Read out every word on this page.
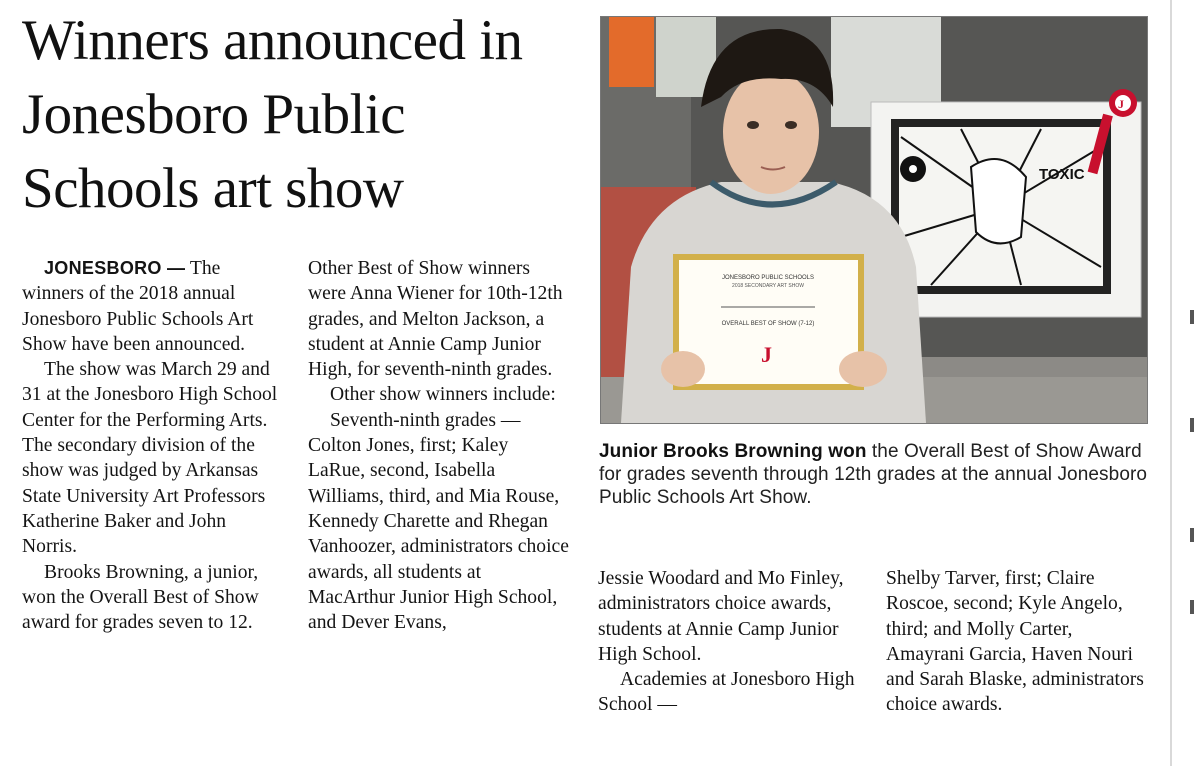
Winners announced in Jonesboro Public Schools art show

JONESBORO — The winners of the 2018 annual Jonesboro Public Schools Art Show have been announced.

The show was March 29 and 31 at the Jonesboro High School Center for the Performing Arts. The secondary division of the show was judged by Arkansas State University Art Professors Katherine Baker and John Norris.

Brooks Browning, a junior, won the Overall Best of Show award for grades seven to 12.

Other Best of Show winners were Anna Wiener for 10th-12th grades, and Melton Jackson, a student at Annie Camp Junior High, for seventh-ninth grades.

Other show winners include:

Seventh-ninth grades — Colton Jones, first; Kaley LaRue, second, Isabella Williams, third, and Mia Rouse, Kennedy Charette and Rhegan Vanhoozer, administrators choice awards, all students at MacArthur Junior High School, and Dever Evans,

TOXIC
J
JONESBORO PUBLIC SCHOOLS
2018 SECONDARY ART SHOW
OVERALL BEST OF SHOW (7-12)
J
Junior Brooks Browning won the Overall Best of Show Award for grades seventh through 12th grades at the annual Jonesboro Public Schools Art Show.

Jessie Woodard and Mo Finley, administrators choice awards, students at Annie Camp Junior High School.

Academies at Jonesboro High School —

Shelby Tarver, first; Claire Roscoe, second; Kyle Angelo, third; and Molly Carter, Amayrani Garcia, Haven Nouri and Sarah Blaske, administrators choice awards.
